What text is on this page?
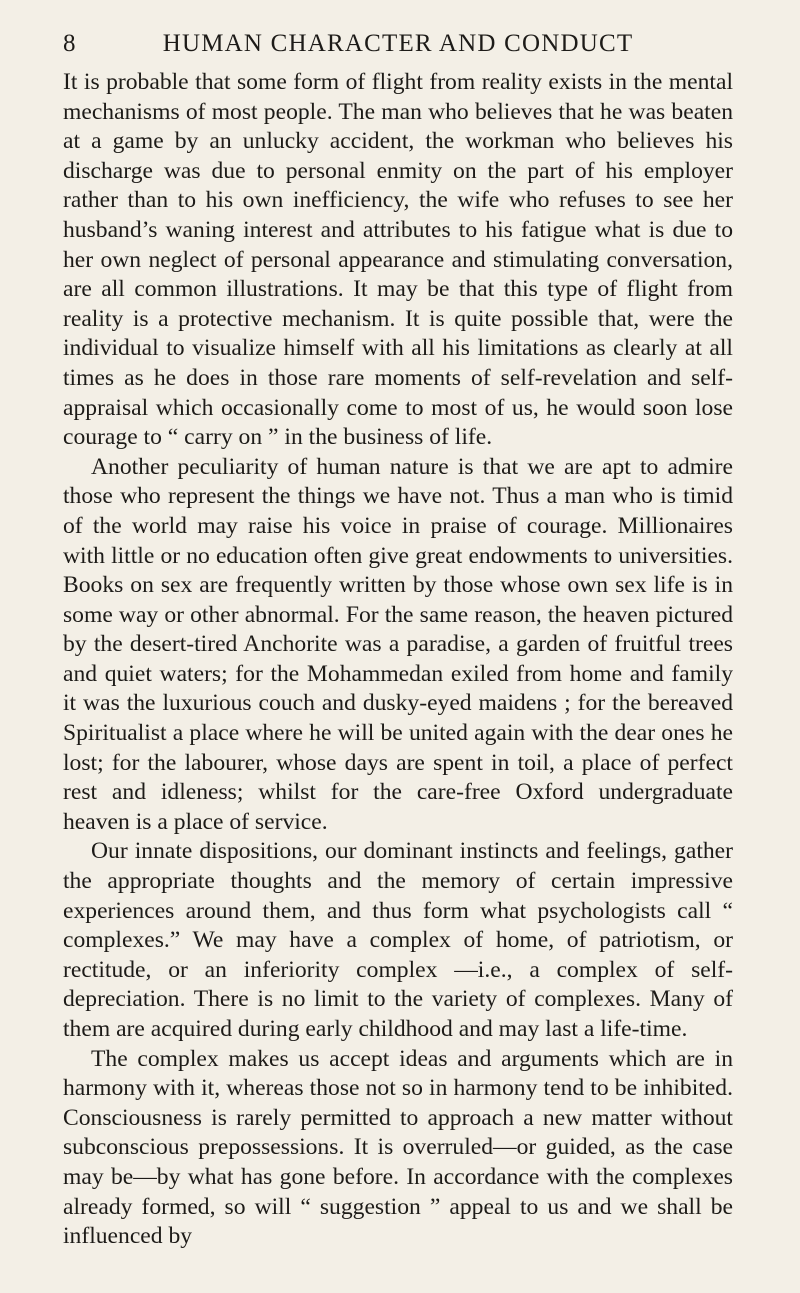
8	HUMAN CHARACTER AND CONDUCT

It is probable that some form of flight from reality exists in the mental mechanisms of most people. The man who believes that he was beaten at a game by an unlucky accident, the workman who believes his discharge was due to personal enmity on the part of his employer rather than to his own inefficiency, the wife who refuses to see her husband’s waning interest and attributes to his fatigue what is due to her own neglect of personal appearance and stimulating conversation, are all common illustrations. It may be that this type of flight from reality is a protective mechanism. It is quite possible that, were the individual to visualize himself with all his limitations as clearly at all times as he does in those rare moments of self-revelation and self-appraisal which occasionally come to most of us, he would soon lose courage to “ carry on ” in the business of life.

Another peculiarity of human nature is that we are apt to admire those who represent the things we have not. Thus a man who is timid of the world may raise his voice in praise of courage. Millionaires with little or no education often give great endowments to universities. Books on sex are frequently written by those whose own sex life is in some way or other abnormal. For the same reason, the heaven pictured by the desert-tired Anchorite was a paradise, a garden of fruitful trees and quiet waters; for the Mohammedan exiled from home and family it was the luxurious couch and dusky-eyed maidens ; for the bereaved Spiritualist a place where he will be united again with the dear ones he lost; for the labourer, whose days are spent in toil, a place of perfect rest and idleness; whilst for the care-free Oxford undergraduate heaven is a place of service.

Our innate dispositions, our dominant instincts and feelings, gather the appropriate thoughts and the memory of certain impressive experiences around them, and thus form what psychologists call “ complexes.” We may have a complex of home, of patriotism, or rectitude, or an inferiority complex —i.e., a complex of self-depreciation. There is no limit to the variety of complexes. Many of them are acquired during early childhood and may last a life-time.

The complex makes us accept ideas and arguments which are in harmony with it, whereas those not so in harmony tend to be inhibited. Consciousness is rarely permitted to approach a new matter without subconscious prepossessions. It is overruled—or guided, as the case may be—by what has gone before. In accordance with the complexes already formed, so will “ suggestion ” appeal to us and we shall be influenced by
